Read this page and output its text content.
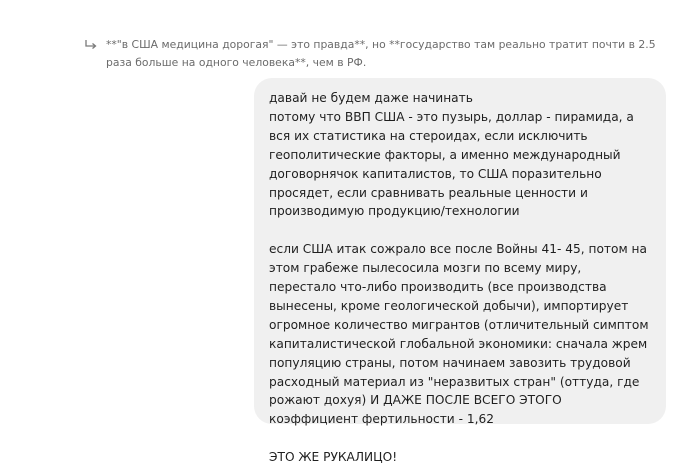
**"в США медицина дорогая" — это правда**, но **государство там реально тратит почти в 2.5 раза больше на одного человека**, чем в РФ.

давай не будем даже начинать
потому что ВВП США - это пузырь, доллар - пирамида, а вся их статистика на стероидах, если исключить геополитические факторы, а именно международный договорнячок капиталистов, то США поразительно просядет, если сравнивать реальные ценности и производимую продукцию/технологии

если США итак сожрало все после Войны 41- 45, потом на этом грабеже пылесосила мозги по всему миру, перестало что-либо производить (все производства вынесены, кроме геологической добычи), импортирует огромное количество мигрантов (отличительный симптом капиталистической глобальной экономики: сначала жрем популяцию страны, потом начинаем завозить трудовой расходный материал из "неразвитых стран" (оттуда, где рожают дохуя) И ДАЖЕ ПОСЛЕ ВСЕГО ЭТОГО коэффициент фертильности - 1,62

ЭТО ЖЕ РУКАЛИЦО!
